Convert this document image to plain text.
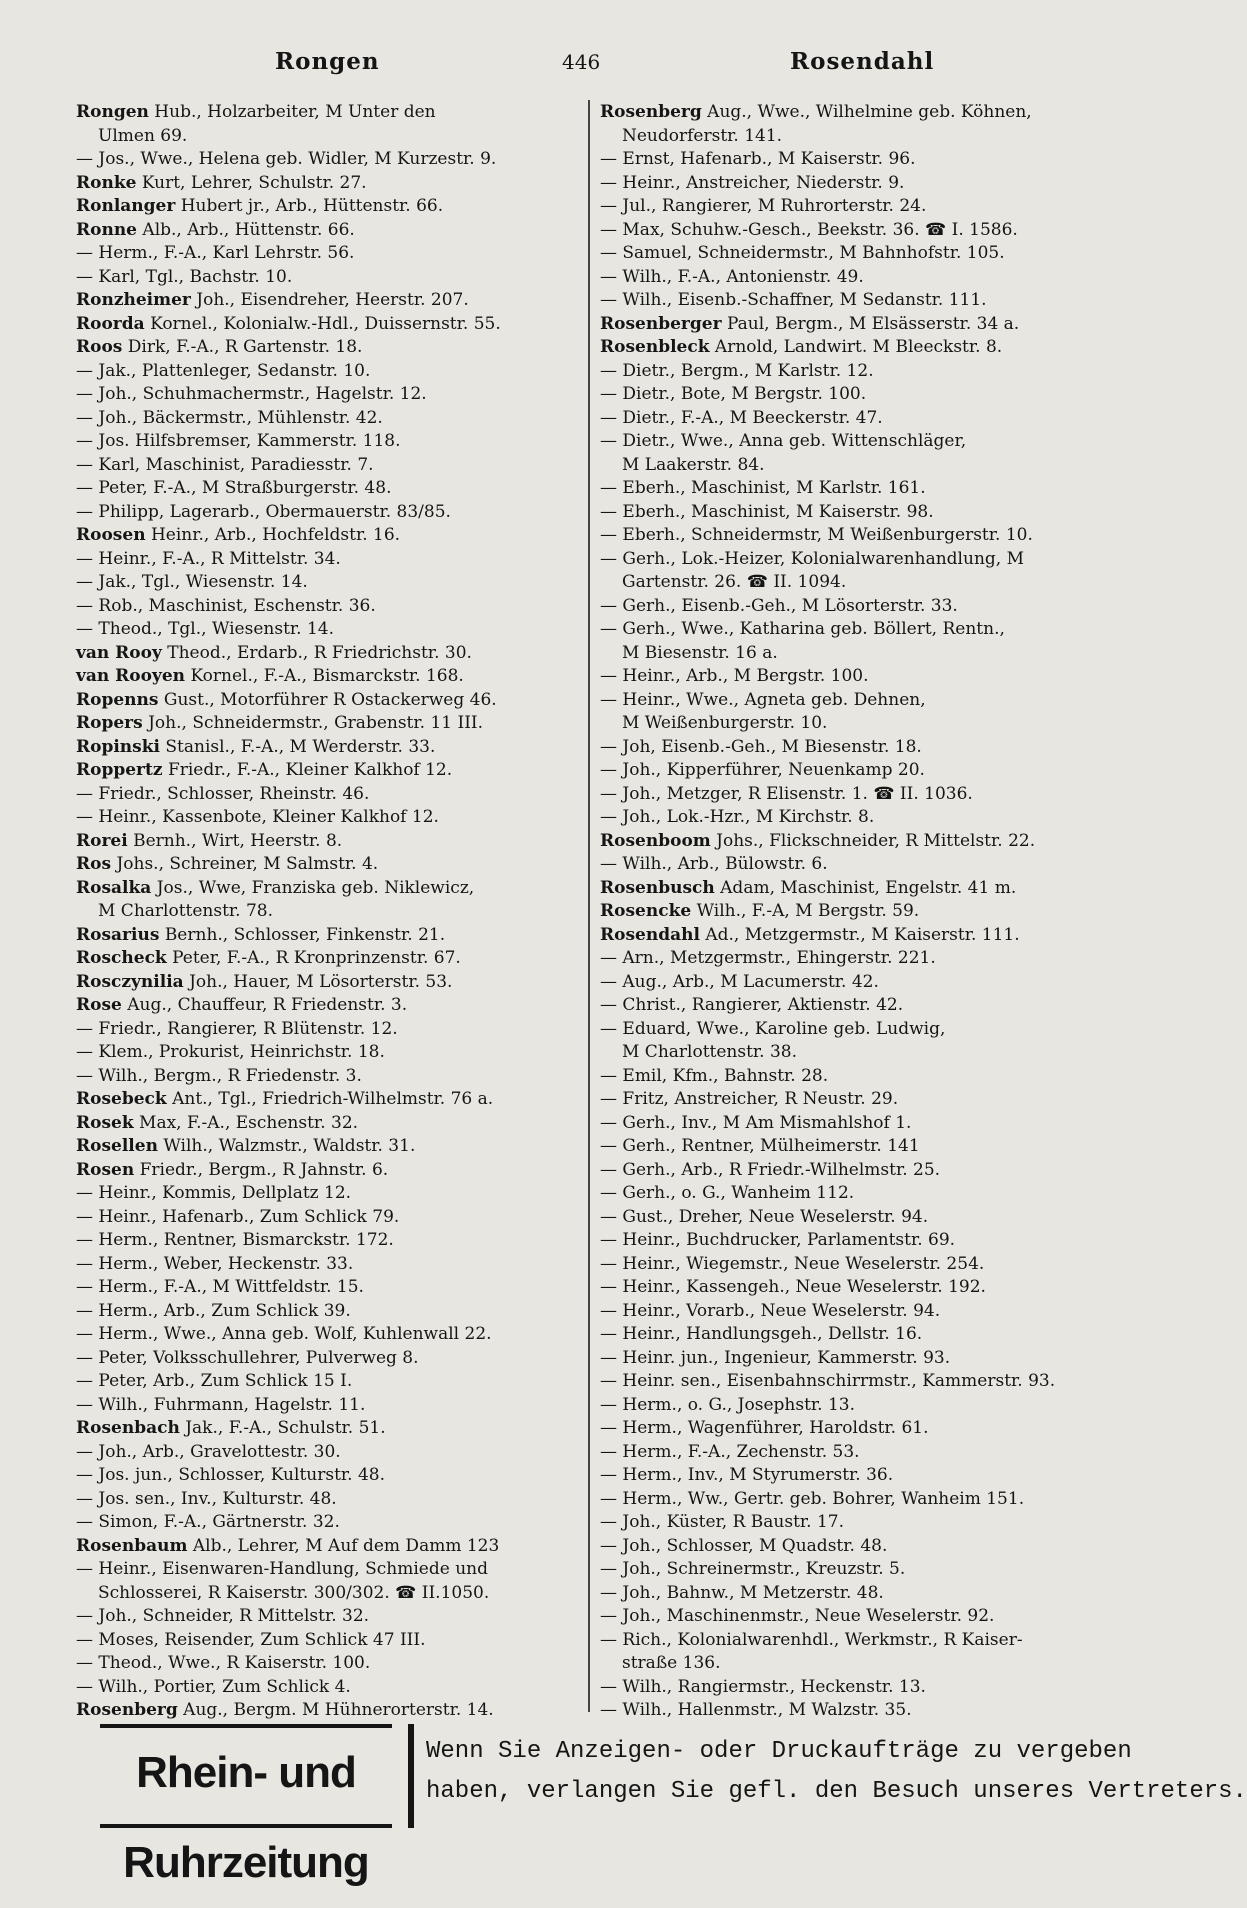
Rongen	446	Rosendahl

Rongen Hub., Holzarbeiter, M Unter den

Ulmen 69.

— Jos., Wwe., Helena geb. Widler, M Kurzestr. 9.

Ronke Kurt, Lehrer, Schulstr. 27.

Ronlanger Hubert jr., Arb., Hüttenstr. 66.

Ronne Alb., Arb., Hüttenstr. 66.

— Herm., F.-A., Karl Lehrstr. 56.

— Karl, Tgl., Bachstr. 10.

Ronzheimer Joh., Eisendreher, Heerstr. 207.

Roorda Kornel., Kolonialw.-Hdl., Duissernstr. 55.

Roos Dirk, F.-A., R Gartenstr. 18.

— Jak., Plattenleger, Sedanstr. 10.

— Joh., Schuhmachermstr., Hagelstr. 12.

— Joh., Bäckermstr., Mühlenstr. 42.

— Jos. Hilfsbremser, Kammerstr. 118.

— Karl, Maschinist, Paradiesstr. 7.

— Peter, F.-A., M Straßburgerstr. 48.

— Philipp, Lagerarb., Obermauerstr. 83/85.

Roosen Heinr., Arb., Hochfeldstr. 16.

— Heinr., F.-A., R Mittelstr. 34.

— Jak., Tgl., Wiesenstr. 14.

— Rob., Maschinist, Eschenstr. 36.

— Theod., Tgl., Wiesenstr. 14.

van Rooy Theod., Erdarb., R Friedrichstr. 30.

van Rooyen Kornel., F.-A., Bismarckstr. 168.

Ropenns Gust., Motorführer R Ostackerweg 46.

Ropers Joh., Schneidermstr., Grabenstr. 11 III.

Ropinski Stanisl., F.-A., M Werderstr. 33.

Roppertz Friedr., F.-A., Kleiner Kalkhof 12.

— Friedr., Schlosser, Rheinstr. 46.

— Heinr., Kassenbote, Kleiner Kalkhof 12.

Rorei Bernh., Wirt, Heerstr. 8.

Ros Johs., Schreiner, M Salmstr. 4.

Rosalka Jos., Wwe, Franziska geb. Niklewicz,

M Charlottenstr. 78.

Rosarius Bernh., Schlosser, Finkenstr. 21.

Roscheck Peter, F.-A., R Kronprinzenstr. 67.

Rosczynilia Joh., Hauer, M Lösorterstr. 53.

Rose Aug., Chauffeur, R Friedenstr. 3.

— Friedr., Rangierer, R Blütenstr. 12.

— Klem., Prokurist, Heinrichstr. 18.

— Wilh., Bergm., R Friedenstr. 3.

Rosebeck Ant., Tgl., Friedrich-Wilhelmstr. 76 a.

Rosek Max, F.-A., Eschenstr. 32.

Rosellen Wilh., Walzmstr., Waldstr. 31.

Rosen Friedr., Bergm., R Jahnstr. 6.

— Heinr., Kommis, Dellplatz 12.

— Heinr., Hafenarb., Zum Schlick 79.

— Herm., Rentner, Bismarckstr. 172.

— Herm., Weber, Heckenstr. 33.

— Herm., F.-A., M Wittfeldstr. 15.

— Herm., Arb., Zum Schlick 39.

— Herm., Wwe., Anna geb. Wolf, Kuhlenwall 22.

— Peter, Volksschullehrer, Pulverweg 8.

— Peter, Arb., Zum Schlick 15 I.

— Wilh., Fuhrmann, Hagelstr. 11.

Rosenbach Jak., F.-A., Schulstr. 51.

— Joh., Arb., Gravelottestr. 30.

— Jos. jun., Schlosser, Kulturstr. 48.

— Jos. sen., Inv., Kulturstr. 48.

— Simon, F.-A., Gärtnerstr. 32.

Rosenbaum Alb., Lehrer, M Auf dem Damm 123

— Heinr., Eisenwaren-Handlung, Schmiede und

Schlosserei, R Kaiserstr. 300/302. ☎ II.1050.

— Joh., Schneider, R Mittelstr. 32.

— Moses, Reisender, Zum Schlick 47 III.

— Theod., Wwe., R Kaiserstr. 100.

— Wilh., Portier, Zum Schlick 4.

Rosenberg Aug., Bergm. M Hühnerorterstr. 14.

Rosenberg Aug., Wwe., Wilhelmine geb. Köhnen,

Neudorferstr. 141.

— Ernst, Hafenarb., M Kaiserstr. 96.

— Heinr., Anstreicher, Niederstr. 9.

— Jul., Rangierer, M Ruhrorterstr. 24.

— Max, Schuhw.-Gesch., Beekstr. 36. ☎ I. 1586.

— Samuel, Schneidermstr., M Bahnhofstr. 105.

— Wilh., F.-A., Antonienstr. 49.

— Wilh., Eisenb.-Schaffner, M Sedanstr. 111.

Rosenberger Paul, Bergm., M Elsässerstr. 34 a.

Rosenbleck Arnold, Landwirt. M Bleeckstr. 8.

— Dietr., Bergm., M Karlstr. 12.

— Dietr., Bote, M Bergstr. 100.

— Dietr., F.-A., M Beeckerstr. 47.

— Dietr., Wwe., Anna geb. Wittenschläger,

M Laakerstr. 84.

— Eberh., Maschinist, M Karlstr. 161.

— Eberh., Maschinist, M Kaiserstr. 98.

— Eberh., Schneidermstr, M Weißenburgerstr. 10.

— Gerh., Lok.-Heizer, Kolonialwarenhandlung, M

Gartenstr. 26. ☎ II. 1094.

— Gerh., Eisenb.-Geh., M Lösorterstr. 33.

— Gerh., Wwe., Katharina geb. Böllert, Rentn.,

M Biesenstr. 16 a.

— Heinr., Arb., M Bergstr. 100.

— Heinr., Wwe., Agneta geb. Dehnen,

M Weißenburgerstr. 10.

— Joh, Eisenb.-Geh., M Biesenstr. 18.

— Joh., Kipperführer, Neuenkamp 20.

— Joh., Metzger, R Elisenstr. 1. ☎ II. 1036.

— Joh., Lok.-Hzr., M Kirchstr. 8.

Rosenboom Johs., Flickschneider, R Mittelstr. 22.

— Wilh., Arb., Bülowstr. 6.

Rosenbusch Adam, Maschinist, Engelstr. 41 m.

Rosencke Wilh., F.-A, M Bergstr. 59.

Rosendahl Ad., Metzgermstr., M Kaiserstr. 111.

— Arn., Metzgermstr., Ehingerstr. 221.

— Aug., Arb., M Lacumerstr. 42.

— Christ., Rangierer, Aktienstr. 42.

— Eduard, Wwe., Karoline geb. Ludwig,

M Charlottenstr. 38.

— Emil, Kfm., Bahnstr. 28.

— Fritz, Anstreicher, R Neustr. 29.

— Gerh., Inv., M Am Mismahlshof 1.

— Gerh., Rentner, Mülheimerstr. 141

— Gerh., Arb., R Friedr.-Wilhelmstr. 25.

— Gerh., o. G., Wanheim 112.

— Gust., Dreher, Neue Weselerstr. 94.

— Heinr., Buchdrucker, Parlamentstr. 69.

— Heinr., Wiegemstr., Neue Weselerstr. 254.

— Heinr., Kassengeh., Neue Weselerstr. 192.

— Heinr., Vorarb., Neue Weselerstr. 94.

— Heinr., Handlungsgeh., Dellstr. 16.

— Heinr. jun., Ingenieur, Kammerstr. 93.

— Heinr. sen., Eisenbahnschirrmstr., Kammerstr. 93.

— Herm., o. G., Josephstr. 13.

— Herm., Wagenführer, Haroldstr. 61.

— Herm., F.-A., Zechenstr. 53.

— Herm., Inv., M Styrumerstr. 36.

— Herm., Ww., Gertr. geb. Bohrer, Wanheim 151.

— Joh., Küster, R Baustr. 17.

— Joh., Schlosser, M Quadstr. 48.

— Joh., Schreinermstr., Kreuzstr. 5.

— Joh., Bahnw., M Metzerstr. 48.

— Joh., Maschinenmstr., Neue Weselerstr. 92.

— Rich., Kolonialwarenhdl., Werkmstr., R Kaiser-

straße 136.

— Wilh., Rangiermstr., Heckenstr. 13.

— Wilh., Hallenmstr., M Walzstr. 35.

Rhein- und Ruhrzeitung
Wenn Sie Anzeigen- oder Druckaufträge zu vergeben
haben, verlangen Sie gefl. den Besuch unseres Vertreters.
